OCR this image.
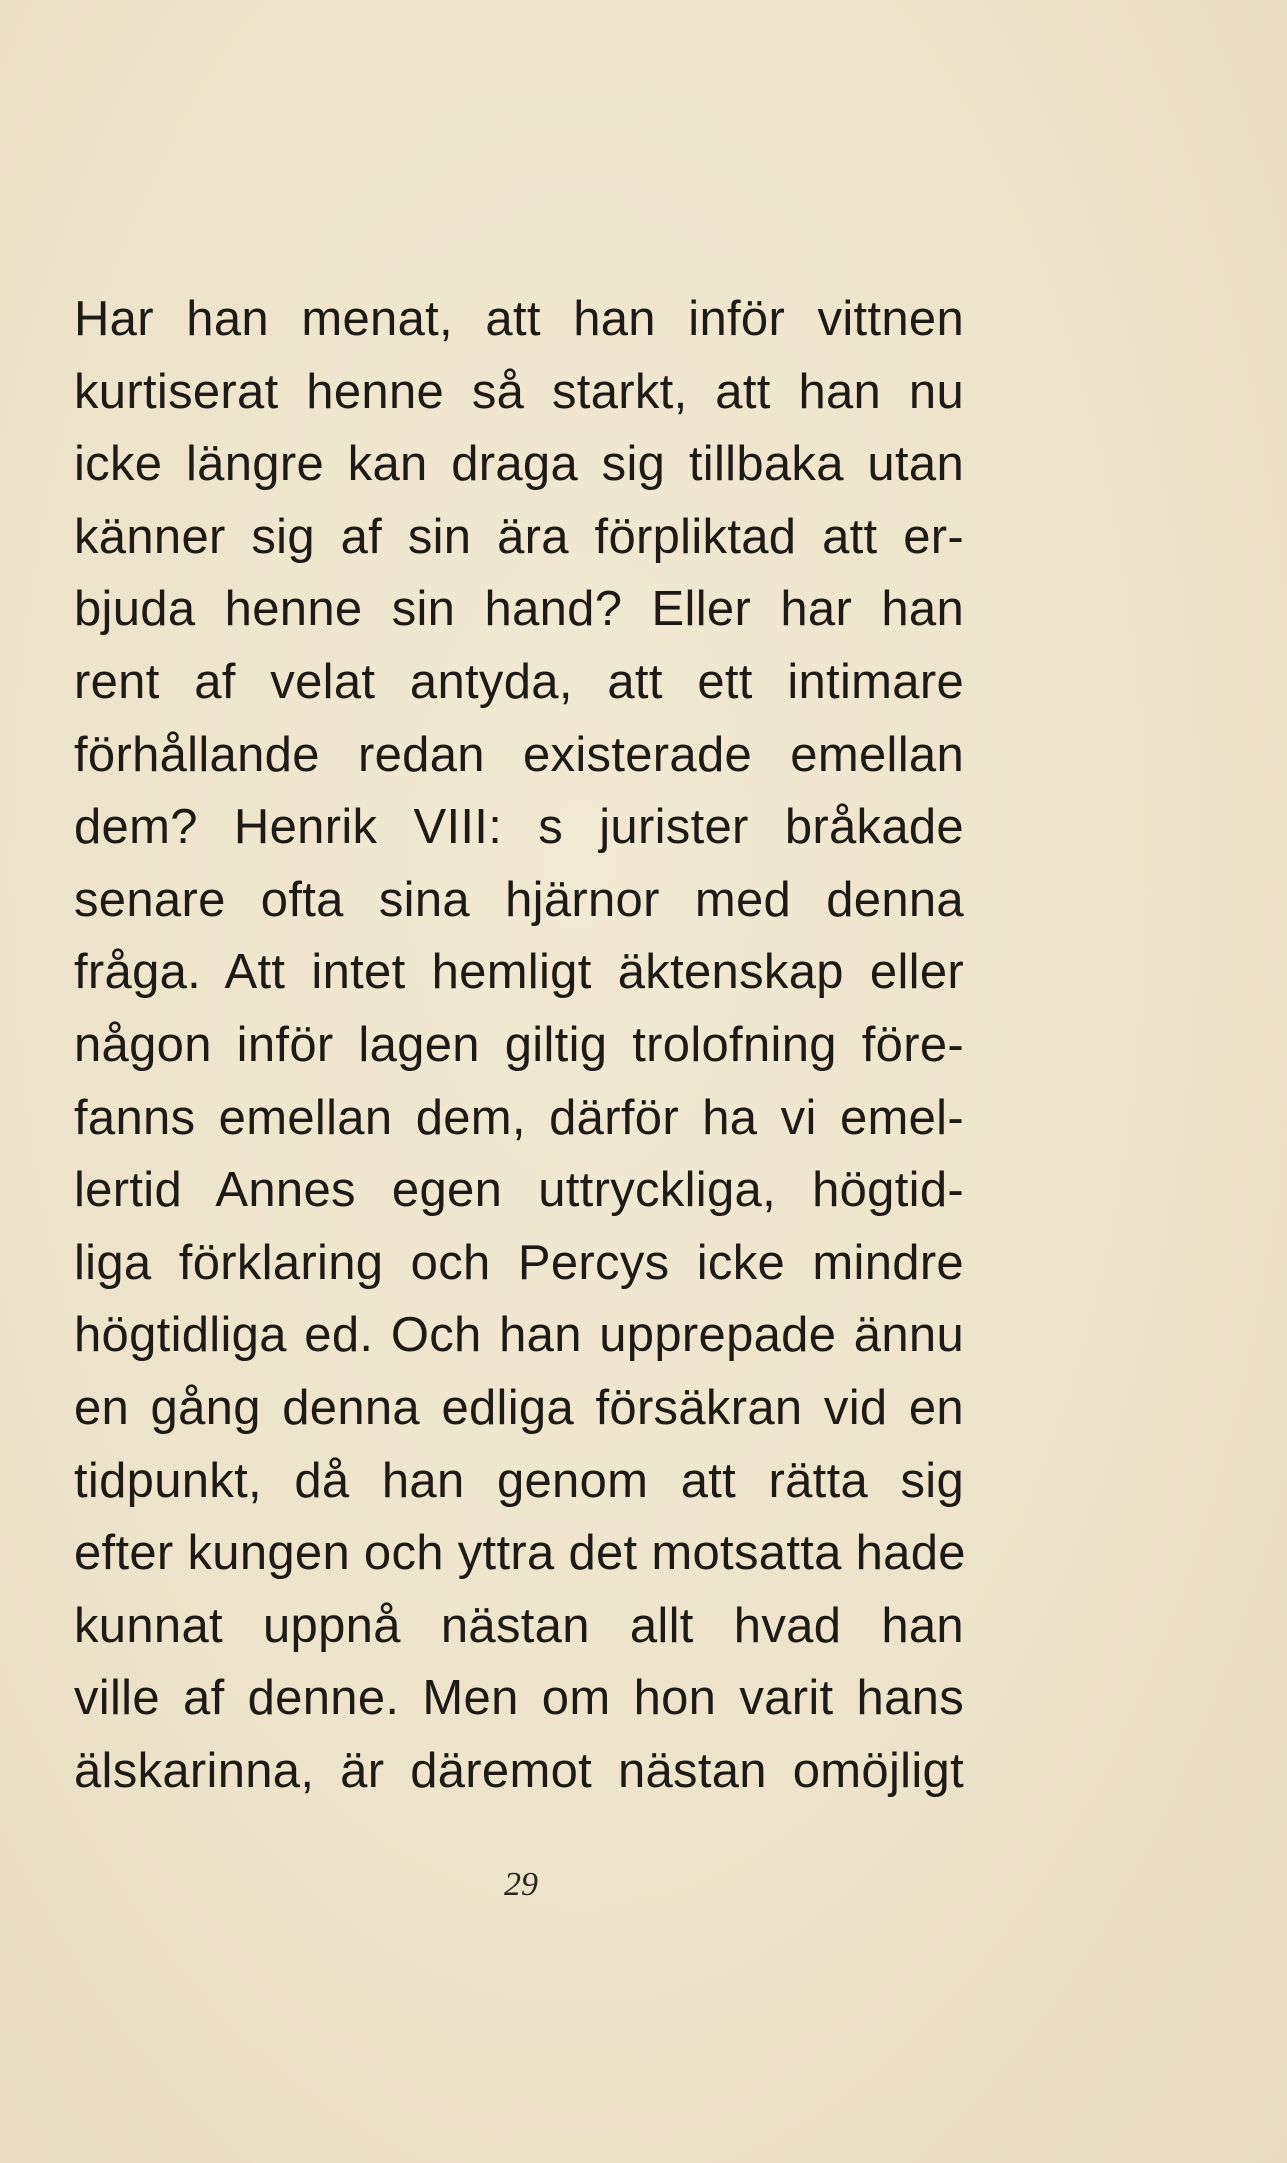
Har han menat, att han inför vittnen
kurtiserat henne så starkt, att han nu
icke längre kan draga sig tillbaka utan
känner sig af sin ära förpliktad att er-
bjuda henne sin hand? Eller har han
rent af velat antyda, att ett intimare
förhållande redan existerade emellan
dem? Henrik VIII: s jurister bråkade
senare ofta sina hjärnor med denna
fråga. Att intet hemligt äktenskap eller
någon inför lagen giltig trolofning före-
fanns emellan dem, därför ha vi emel-
lertid Annes egen uttryckliga, högtid-
liga förklaring och Percys icke mindre
högtidliga ed. Och han upprepade ännu
en gång denna edliga försäkran vid en
tidpunkt, då han genom att rätta sig
efter kungen och yttra det motsatta hade
kunnat uppnå nästan allt hvad han
ville af denne. Men om hon varit hans
älskarinna, är däremot nästan omöjligt
29
